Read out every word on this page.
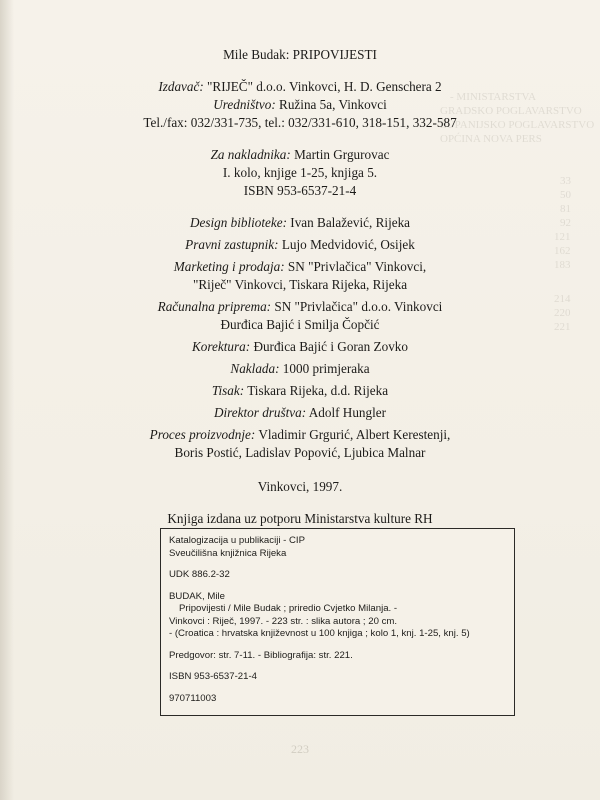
- MINISTARSTVA
GRADSKO POGLAVARSTVO
ŽUPANIJSKO POGLAVARSTVO
OPĆINA NOVA PERS
33
50
81
92
121
162
183
214
220
221
Mile Budak: PRIPOVIJESTI
Izdavač: "RIJEČ" d.o.o. Vinkovci, H. D. Genschera 2
Uredništvo: Ružina 5a, Vinkovci
Tel./fax: 032/331-735, tel.: 032/331-610, 318-151, 332-587
Za nakladnika: Martin Grgurovac
I. kolo, knjige 1-25, knjiga 5.
ISBN 953-6537-21-4
Design biblioteke: Ivan Balažević, Rijeka
Pravni zastupnik: Lujo Medvidović, Osijek
Marketing i prodaja: SN "Privlačica" Vinkovci,
"Riječ" Vinkovci, Tiskara Rijeka, Rijeka
Računalna priprema: SN "Privlačica" d.o.o. Vinkovci
Đurđica Bajić i Smilja Čopčić
Korektura: Đurđica Bajić i Goran Zovko
Naklada: 1000 primjeraka
Tisak: Tiskara Rijeka, d.d. Rijeka
Direktor društva: Adolf Hungler
Proces proizvodnje: Vladimir Grgurić, Albert Kerestenji,
Boris Postić, Ladislav Popović, Ljubica Malnar
Vinkovci, 1997.
Knjiga izdana uz potporu Ministarstva kulture RH
Katalogizacija u publikaciji - CIP
Sveučilišna knjižnica Rijeka
UDK 886.2-32
BUDAK, Mile
Pripovijesti / Mile Budak ; priredio Cvjetko Milanja. -
Vinkovci : Riječ, 1997. - 223 str. : slika autora ; 20 cm.
- (Croatica : hrvatska književnost u 100 knjiga ; kolo 1, knj. 1-25, knj. 5)
Predgovor: str. 7-11. - Bibliografija: str. 221.
ISBN 953-6537-21-4
970711003
223
